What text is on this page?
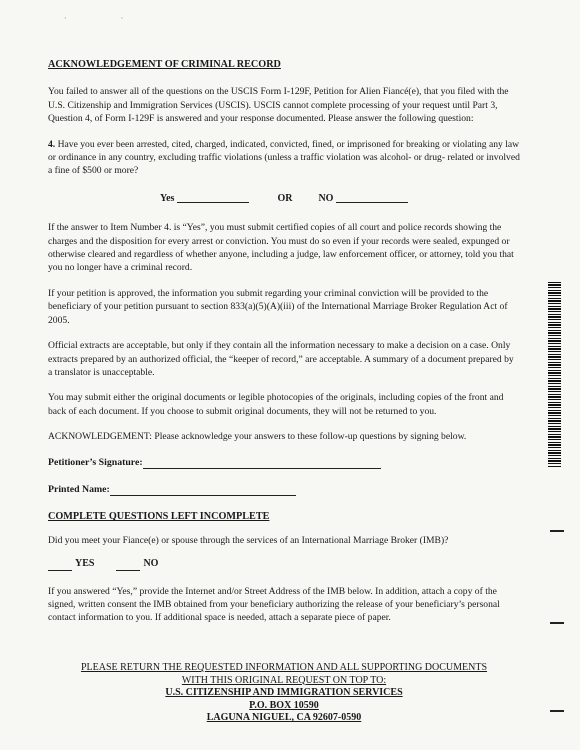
· ·
ACKNOWLEDGEMENT OF CRIMINAL RECORD
You failed to answer all of the questions on the USCIS Form I-129F, Petition for Alien Fiancé(e), that you filed with the U.S. Citizenship and Immigration Services (USCIS). USCIS cannot complete processing of your request until Part 3, Question 4, of Form I-129F is answered and your response documented. Please answer the following question:
4. Have you ever been arrested, cited, charged, indicated, convicted, fined, or imprisoned for breaking or violating any law or ordinance in any country, excluding traffic violations (unless a traffic violation was alcohol- or drug- related or involved a fine of $500 or more?
Yes	OR	NO
If the answer to Item Number 4. is “Yes”, you must submit certified copies of all court and police records showing the charges and the disposition for every arrest or conviction. You must do so even if your records were sealed, expunged or otherwise cleared and regardless of whether anyone, including a judge, law enforcement officer, or attorney, told you that you no longer have a criminal record.
If your petition is approved, the information you submit regarding your criminal conviction will be provided to the beneficiary of your petition pursuant to section 833(a)(5)(A)(iii) of the International Marriage Broker Regulation Act of 2005.
Official extracts are acceptable, but only if they contain all the information necessary to make a decision on a case. Only extracts prepared by an authorized official, the “keeper of record,” are acceptable. A summary of a document prepared by a translator is unacceptable.
You may submit either the original documents or legible photocopies of the originals, including copies of the front and back of each document. If you choose to submit original documents, they will not be returned to you.
ACKNOWLEDGEMENT: Please acknowledge your answers to these follow-up questions by signing below.
Petitioner’s Signature:
Printed Name:
COMPLETE QUESTIONS LEFT INCOMPLETE
Did you meet your Fiance(e) or spouse through the services of an International Marriage Broker (IMB)?
YES	NO
If you answered “Yes,” provide the Internet and/or Street Address of the IMB below. In addition, attach a copy of the signed, written consent the IMB obtained from your beneficiary authorizing the release of your beneficiary’s personal contact information to you. If additional space is needed, attach a separate piece of paper.
PLEASE RETURN THE REQUESTED INFORMATION AND ALL SUPPORTING DOCUMENTS
WITH THIS ORIGINAL REQUEST ON TOP TO:
U.S. CITIZENSHIP AND IMMIGRATION SERVICES
P.O. BOX 10590
LAGUNA NIGUEL, CA 92607-0590
